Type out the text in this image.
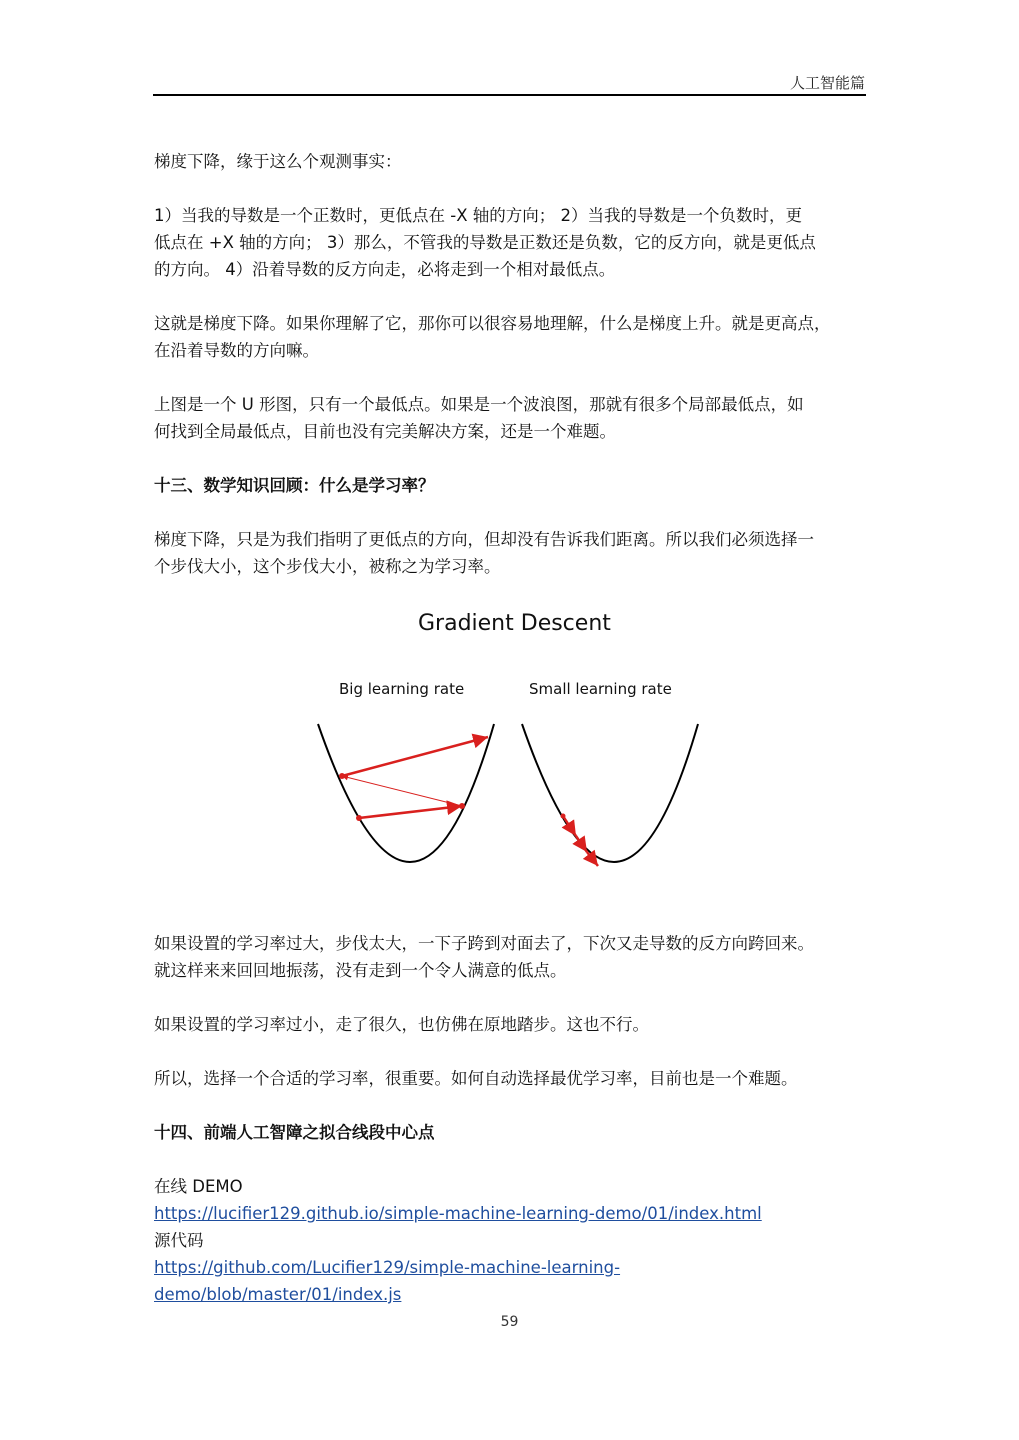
人工智能篇

梯度下降，缘于这么个观测事实：

1）当我的导数是一个正数时，更低点在 -X 轴的方向； 2）当我的导数是一个负数时，更

低点在 +X 轴的方向； 3）那么，不管我的导数是正数还是负数，它的反方向，就是更低点

的方向。 4）沿着导数的反方向走，必将走到一个相对最低点。

这就是梯度下降。如果你理解了它，那你可以很容易地理解，什么是梯度上升。就是更高点，

在沿着导数的方向嘛。

上图是一个 U 形图，只有一个最低点。如果是一个波浪图，那就有很多个局部最低点，如

何找到全局最低点，目前也没有完美解决方案，还是一个难题。

十三、数学知识回顾：什么是学习率？

梯度下降，只是为我们指明了更低点的方向，但却没有告诉我们距离。所以我们必须选择一

个步伐大小，这个步伐大小，被称之为学习率。

Gradient Descent
Big learning rate	Small learning rate

如果设置的学习率过大，步伐太大，一下子跨到对面去了，下次又走导数的反方向跨回来。

就这样来来回回地振荡，没有走到一个令人满意的低点。

如果设置的学习率过小，走了很久，也仿佛在原地踏步。这也不行。

所以，选择一个合适的学习率，很重要。如何自动选择最优学习率，目前也是一个难题。

十四、前端人工智障之拟合线段中心点

在线 DEMO

https://lucifier129.github.io/simple-machine-learning-demo/01/index.html

源代码

https://github.com/Lucifier129/simple-machine-learning-demo/blob/master/01/index.js

59
